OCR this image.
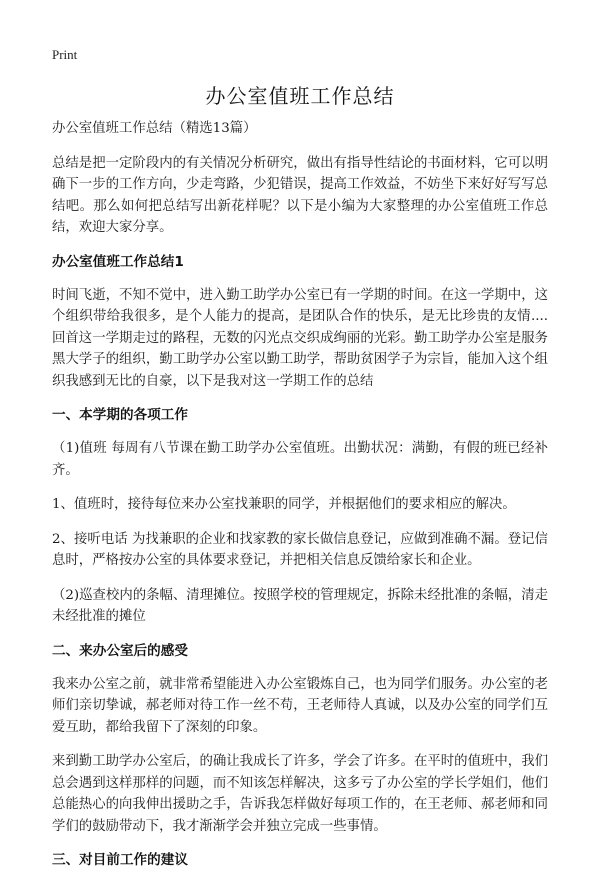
Print
办公室值班工作总结

办公室值班工作总结（精选13篇）

总结是把一定阶段内的有关情况分析研究，做出有指导性结论的书面材料，它可以明确下一步的工作方向，少走弯路，少犯错误，提高工作效益，不妨坐下来好好写写总结吧。那么如何把总结写出新花样呢？以下是小编为大家整理的办公室值班工作总结，欢迎大家分享。

办公室值班工作总结1

时间飞逝，不知不觉中，进入勤工助学办公室已有一学期的时间。在这一学期中，这个组织带给我很多，是个人能力的提高，是团队合作的快乐，是无比珍贵的友情....回首这一学期走过的路程，无数的闪光点交织成绚丽的光彩。勤工助学办公室是服务黑大学子的组织，勤工助学办公室以勤工助学，帮助贫困学子为宗旨，能加入这个组织我感到无比的自豪，以下是我对这一学期工作的总结

一、本学期的各项工作

（1)值班 每周有八节课在勤工助学办公室值班。出勤状况：满勤，有假的班已经补齐。

1、值班时，接待每位来办公室找兼职的同学，并根据他们的要求相应的解决。

2、接听电话 为找兼职的企业和找家教的家长做信息登记，应做到准确不漏。登记信息时，严格按办公室的具体要求登记，并把相关信息反馈给家长和企业。

（2)巡查校内的条幅、清理摊位。按照学校的管理规定，拆除未经批准的条幅，清走未经批准的摊位

二、来办公室后的感受

我来办公室之前，就非常希望能进入办公室锻炼自己，也为同学们服务。办公室的老师们亲切挚诚，郝老师对待工作一丝不苟，王老师待人真诚，以及办公室的同学们互爱互助，都给我留下了深刻的印象。

来到勤工助学办公室后，的确让我成长了许多，学会了许多。在平时的值班中，我们总会遇到这样那样的问题，而不知该怎样解决，这多亏了办公室的学长学姐们，他们总能热心的向我伸出援助之手，告诉我怎样做好每项工作的，在王老师、郝老师和同学们的鼓励带动下，我才渐渐学会并独立完成一些事情。

三、对目前工作的建议
